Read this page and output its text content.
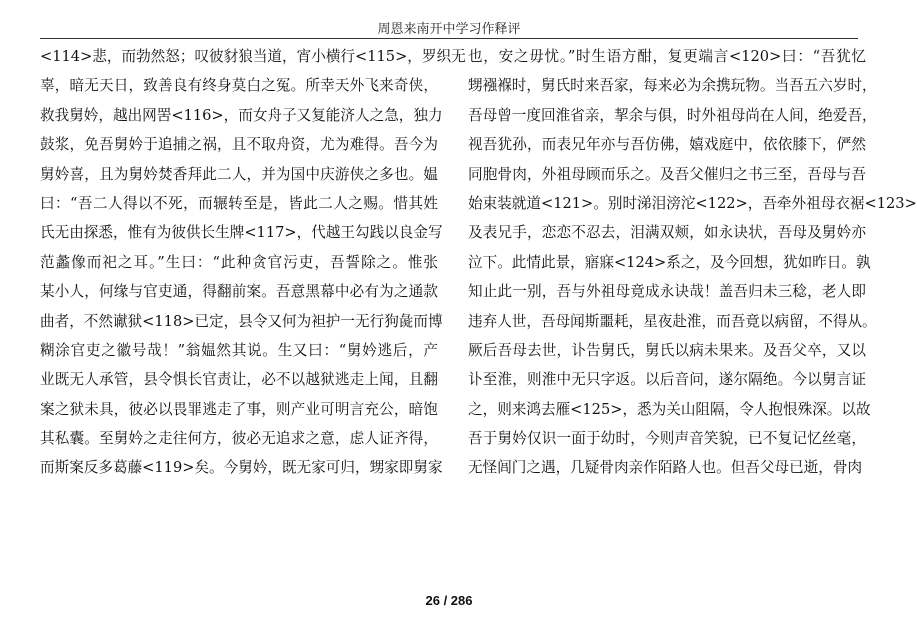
周恩来南开中学习作释评
<114>悲，而勃然怒；叹彼豺狼当道，宵小横行<115>，罗织无
辜，暗无天日，致善良有终身莫白之冤。所幸天外飞来奇侠，
救我舅妗，越出网罟<116>，而女舟子又复能济人之急，独力
鼓浆，免吾舅妗于追捕之祸，且不取舟资，尤为难得。吾今为
舅妗喜，且为舅妗焚香拜此二人，并为国中庆游侠之多也。媪
曰：“吾二人得以不死，而辗转至是，皆此二人之赐。惜其姓
氏无由探悉，惟有为彼供长生牌<117>，代越王勾践以良金写
范蠡像而祀之耳。”生曰：“此种贪官污吏，吾誓除之。惟张
某小人，何缘与官吏通，得翻前案。吾意黑幕中必有为之通款
曲者，不然谳狱<118>已定，县令又何为袒护一无行狗彘而博
糊涂官吏之徽号哉！”翁媪然其说。生又曰：“舅妗逃后，产
业既无人承管，县令惧长官责让，必不以越狱逃走上闻，且翻
案之狱未具，彼必以畏罪逃走了事，则产业可明言充公，暗饱
其私囊。至舅妗之走往何方，彼必无追求之意，虑人证齐得，
而斯案反多葛藤<119>矣。今舅妗，既无家可归，甥家即舅家
也，安之毋忧。”时生语方酣，复更端言<120>曰：“吾犹忆
甥襁褓时，舅氏时来吾家，每来必为余携玩物。当吾五六岁时，
吾母曾一度回淮省亲，挈余与俱，时外祖母尚在人间，绝爱吾，
视吾犹孙，而表兄年亦与吾仿佛，嬉戏庭中，依依膝下，俨然
同胞骨肉，外祖母顾而乐之。及吾父催归之书三至，吾母与吾
始束装就道<121>。别时涕泪滂沱<122>，吾牵外祖母衣裾<123>
及表兄手，恋恋不忍去，泪满双颊，如永诀状，吾母及舅妗亦
泣下。此情此景，寤寐<124>系之，及今回想，犹如昨日。孰
知止此一别，吾与外祖母竟成永诀哉！盖吾归未三稔，老人即
违弃人世，吾母闻斯噩耗，星夜赴淮，而吾竟以病留，不得从。
厥后吾母去世，讣告舅氏，舅氏以病未果来。及吾父卒，又以
讣至淮，则淮中无只字返。以后音问，遂尔隔绝。今以舅言证
之，则来鸿去雁<125>，悉为关山阻隔，令人抱恨殊深。以故
吾于舅妗仅识一面于幼时，今则声音笑貌，已不复记忆丝毫，
无怪闾门之遇，几疑骨肉亲作陌路人也。但吾父母已逝，骨肉
26 / 286
